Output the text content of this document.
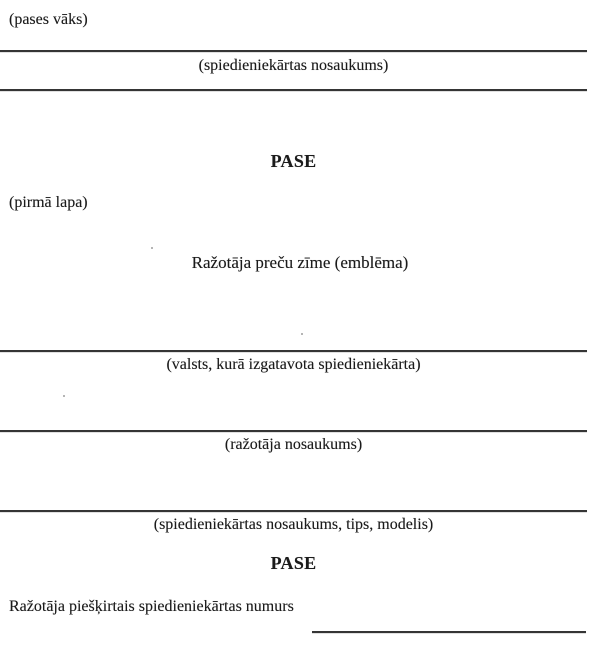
(pases vāks)
(spiedieniekārtas nosaukums)
PASE
(pirmā lapa)
Ražotāja preču zīme (emblēma)
(valsts, kurā izgatavota spiedieniekārta)
(ražotāja nosaukums)
(spiedieniekārtas nosaukums, tips, modelis)
PASE
Ražotāja piešķirtais spiedieniekārtas numurs
